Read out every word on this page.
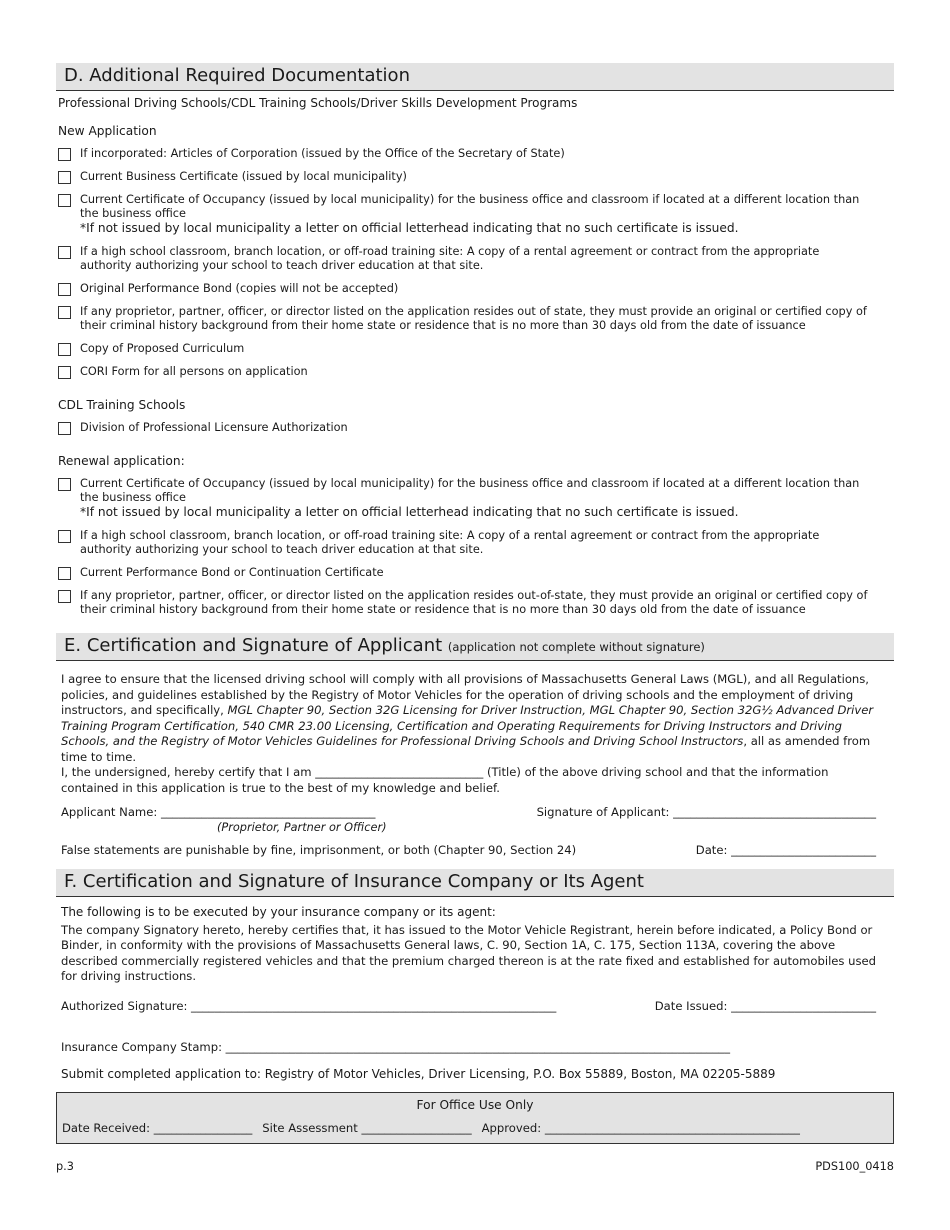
D. Additional Required Documentation
Professional Driving Schools/CDL Training Schools/Driver Skills Development Programs
New Application
If incorporated: Articles of Corporation (issued by the Office of the Secretary of State)
Current Business Certificate (issued by local municipality)
Current Certificate of Occupancy (issued by local municipality) for the business office and classroom if located at a different location than the business office
*If not issued by local municipality a letter on official letterhead indicating that no such certificate is issued.
If a high school classroom, branch location, or off-road training site: A copy of a rental agreement or contract from the appropriate authority authorizing your school to teach driver education at that site.
Original Performance Bond (copies will not be accepted)
If any proprietor, partner, officer, or director listed on the application resides out of state, they must provide an original or certified copy of their criminal history background from their home state or residence that is no more than 30 days old from the date of issuance
Copy of Proposed Curriculum
CORI Form for all persons on application
CDL Training Schools
Division of Professional Licensure Authorization
Renewal application:
Current Certificate of Occupancy (issued by local municipality) for the business office and classroom if located at a different location than the business office
*If not issued by local municipality a letter on official letterhead indicating that no such certificate is issued.
If a high school classroom, branch location, or off-road training site: A copy of a rental agreement or contract from the appropriate authority authorizing your school to teach driver education at that site.
Current Performance Bond or Continuation Certificate
If any proprietor, partner, officer, or director listed on the application resides out-of-state, they must provide an original or certified copy of their criminal history background from their home state or residence that is no more than 30 days old from the date of issuance
E. Certification and Signature of Applicant (application not complete without signature)
I agree to ensure that the licensed driving school will comply with all provisions of Massachusetts General Laws (MGL), and all Regulations, policies, and guidelines established by the Registry of Motor Vehicles for the operation of driving schools and the employment of driving instructors, and specifically, MGL Chapter 90, Section 32G Licensing for Driver Instruction, MGL Chapter 90, Section 32G½ Advanced Driver Training Program Certification, 540 CMR 23.00 Licensing, Certification and Operating Requirements for Driving Instructors and Driving Schools, and the Registry of Motor Vehicles Guidelines for Professional Driving Schools and Driving School Instructors, all as amended from time to time.
I, the undersigned, hereby certify that I am _____________________________ (Title) of the above driving school and that the information contained in this application is true to the best of my knowledge and belief.
Applicant Name: _____________________________________	Signature of Applicant: ___________________________________
(Proprietor, Partner or Officer)
False statements are punishable by fine, imprisonment, or both (Chapter 90, Section 24)	Date: _________________________
F. Certification and Signature of Insurance Company or Its Agent
The following is to be executed by your insurance company or its agent:
The company Signatory hereto, hereby certifies that, it has issued to the Motor Vehicle Registrant, herein before indicated, a Policy Bond or Binder, in conformity with the provisions of Massachusetts General laws, C. 90, Section 1A, C. 175, Section 113A, covering the above described commercially registered vehicles and that the premium charged thereon is at the rate fixed and established for automobiles used for driving instructions.
Authorized Signature: _______________________________________________________________	Date Issued: _________________________
Insurance Company Stamp: _______________________________________________________________________________________
Submit completed application to: Registry of Motor Vehicles, Driver Licensing, P.O. Box 55889, Boston, MA 02205-5889
For Office Use Only
Date Received: _________________ Site Assessment ___________________ Approved: ____________________________________________
p.3	PDS100_0418
